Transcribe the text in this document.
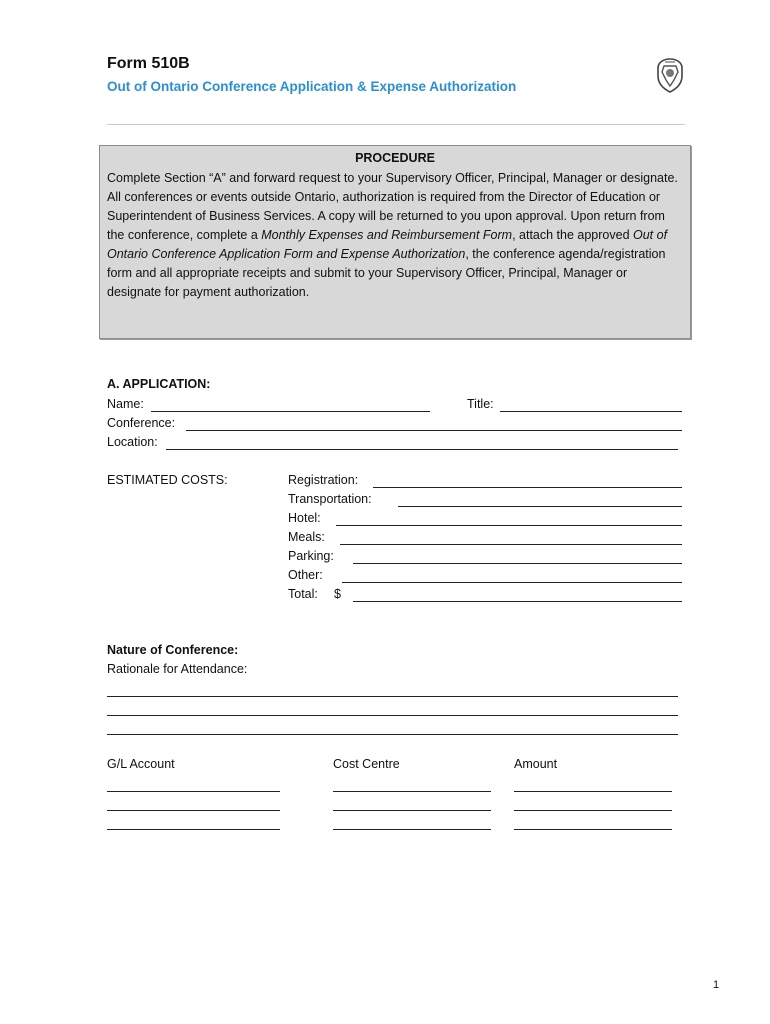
Form 510B
Out of Ontario Conference Application & Expense Authorization
PROCEDURE
Complete Section “A” and forward request to your Supervisory Officer, Principal, Manager or designate. All conferences or events outside Ontario, authorization is required from the Director of Education or Superintendent of Business Services. A copy will be returned to you upon approval. Upon return from the conference, complete a Monthly Expenses and Reimbursement Form, attach the approved Out of Ontario Conference Application Form and Expense Authorization, the conference agenda/registration form and all appropriate receipts and submit to your Supervisory Officer, Principal, Manager or designate for payment authorization.
A. APPLICATION:
Name:	Title:
Conference:
Location:
ESTIMATED COSTS:	Registration:
Transportation:
Hotel:
Meals:
Parking:
Other:
Total: $
Nature of Conference:
Rationale for Attendance:
G/L Account	Cost Centre	Amount
1
